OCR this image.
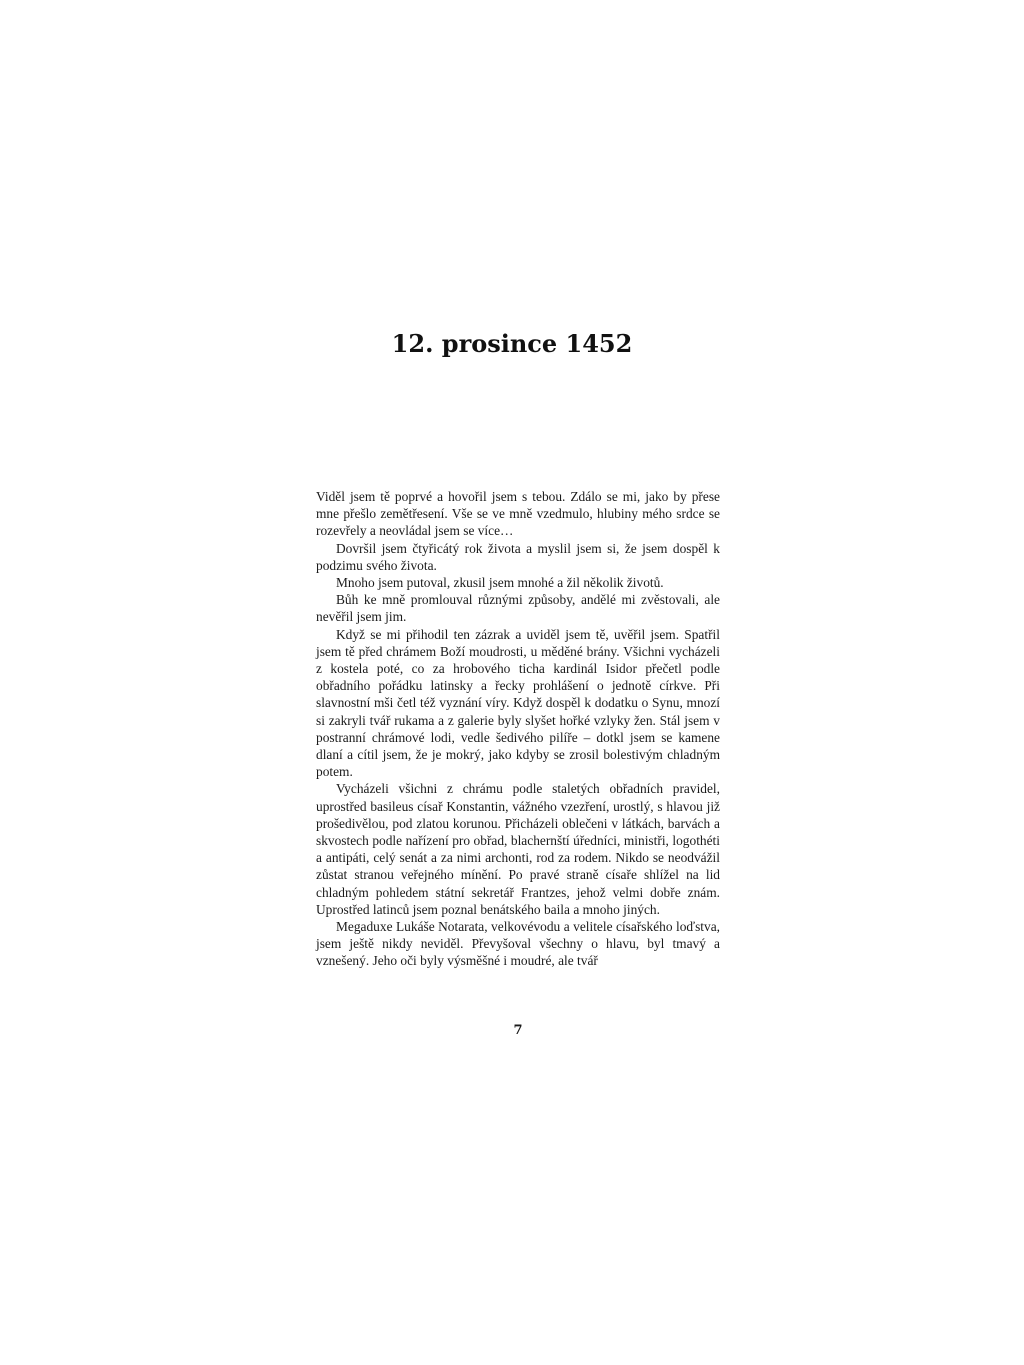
12. prosince 1452

Viděl jsem tě poprvé a hovořil jsem s tebou. Zdálo se mi, jako by přese mne přešlo zemětřesení. Vše se ve mně vzedmulo, hlubiny mého srdce se rozevřely a neovládal jsem se více…

Dovršil jsem čtyřicátý rok života a myslil jsem si, že jsem dospěl k podzimu svého života.

Mnoho jsem putoval, zkusil jsem mnohé a žil několik životů.

Bůh ke mně promlouval různými způsoby, andělé mi zvěstovali, ale nevěřil jsem jim.

Když se mi přihodil ten zázrak a uviděl jsem tě, uvěřil jsem. Spatřil jsem tě před chrámem Boží moudrosti, u měděné brány. Všichni vycházeli z kostela poté, co za hrobového ticha kardinál Isidor přečetl podle obřadního pořádku latinsky a řecky prohlášení o jednotě církve. Při slavnostní mši četl též vyznání víry. Když dospěl k dodatku o Synu, mnozí si zakryli tvář rukama a z galerie byly slyšet hořké vzlyky žen. Stál jsem v postranní chrámové lodi, vedle šedivého pilíře – dotkl jsem se kamene dlaní a cítil jsem, že je mokrý, jako kdyby se zrosil bolestivým chladným potem.

Vycházeli všichni z chrámu podle staletých obřadních pravidel, uprostřed basileus císař Konstantin, vážného vzezření, urostlý, s hlavou již prošedivělou, pod zlatou korunou. Přicházeli oblečeni v látkách, barvách a skvostech podle nařízení pro obřad, blachernští úředníci, ministři, logothéti a antipáti, celý senát a za nimi archonti, rod za rodem. Nikdo se neodvážil zůstat stranou veřejného mínění. Po pravé straně císaře shlížel na lid chladným pohledem státní sekretář Frantzes, jehož velmi dobře znám. Uprostřed latinců jsem poznal benátského baila a mnoho jiných.

Megaduxe Lukáše Notarata, velkovévodu a velitele císařského loďstva, jsem ještě nikdy neviděl. Převyšoval všechny o hlavu, byl tmavý a vznešený. Jeho oči byly výsměšné i moudré, ale tvář

7
